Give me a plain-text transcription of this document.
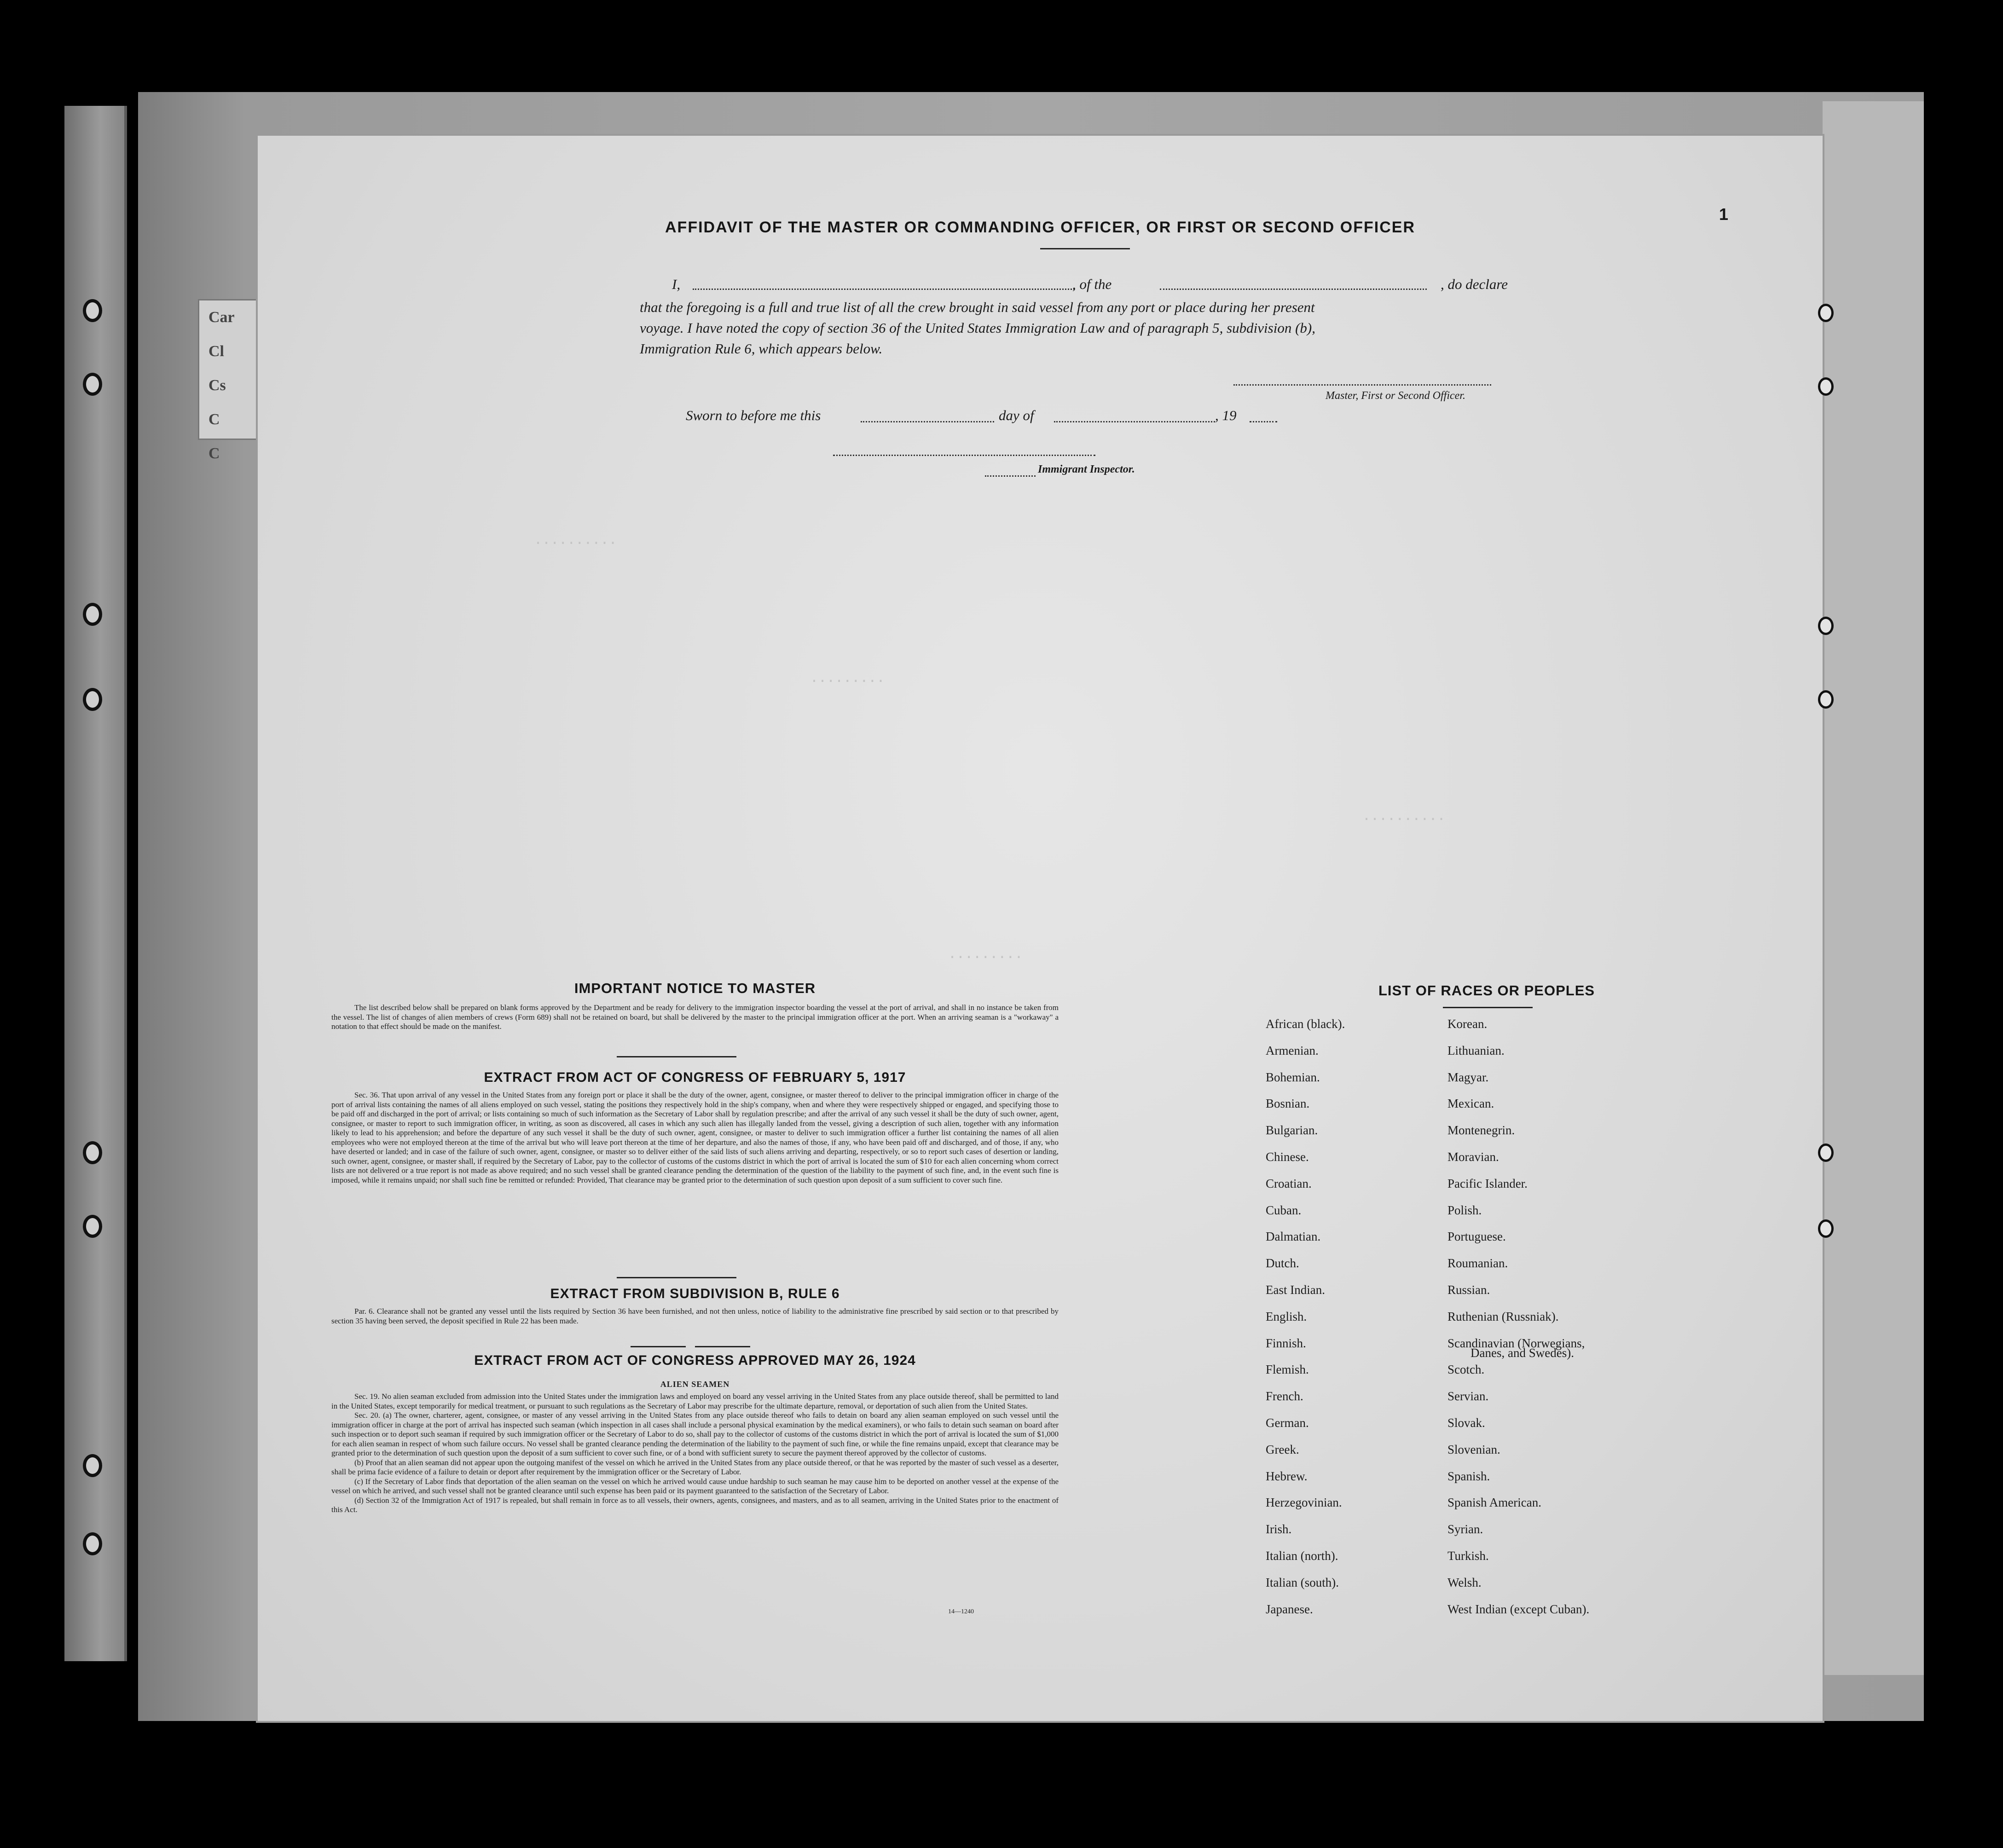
Car
Cl
Cs
C
C
1
AFFIDAVIT OF THE MASTER OR COMMANDING OFFICER, OR FIRST OR SECOND OFFICER
I,	, of the	, do declare
that the foregoing is a full and true list of all the crew brought in said vessel from any port or place during her present
voyage. I have noted the copy of section 36 of the United States Immigration Law and of paragraph 5, subdivision (b),
Immigration Rule 6, which appears below.
Master, First or Second Officer.
Sworn to before me this	day of	, 19
Immigrant Inspector.
..........
.........
..........
.........
IMPORTANT NOTICE TO MASTER
The list described below shall be prepared on blank forms approved by the Department and be ready for delivery to the immigration inspector boarding the vessel at the port of arrival, and shall in no instance be taken from the vessel. The list of changes of alien members of crews (Form 689) shall not be retained on board, but shall be delivered by the master to the principal immigration officer at the port. When an arriving seaman is a "workaway" a notation to that effect should be made on the manifest.
EXTRACT FROM ACT OF CONGRESS OF FEBRUARY 5, 1917
Sec. 36. That upon arrival of any vessel in the United States from any foreign port or place it shall be the duty of the owner, agent, consignee, or master thereof to deliver to the principal immigration officer in charge of the port of arrival lists containing the names of all aliens employed on such vessel, stating the positions they respectively hold in the ship's company, when and where they were respectively shipped or engaged, and specifying those to be paid off and discharged in the port of arrival; or lists containing so much of such information as the Secretary of Labor shall by regulation prescribe; and after the arrival of any such vessel it shall be the duty of such owner, agent, consignee, or master to report to such immigration officer, in writing, as soon as discovered, all cases in which any such alien has illegally landed from the vessel, giving a description of such alien, together with any information likely to lead to his apprehension; and before the departure of any such vessel it shall be the duty of such owner, agent, consignee, or master to deliver to such immigration officer a further list containing the names of all alien employees who were not employed thereon at the time of the arrival but who will leave port thereon at the time of her departure, and also the names of those, if any, who have been paid off and discharged, and of those, if any, who have deserted or landed; and in case of the failure of such owner, agent, consignee, or master so to deliver either of the said lists of such aliens arriving and departing, respectively, or so to report such cases of desertion or landing, such owner, agent, consignee, or master shall, if required by the Secretary of Labor, pay to the collector of customs of the customs district in which the port of arrival is located the sum of $10 for each alien concerning whom correct lists are not delivered or a true report is not made as above required; and no such vessel shall be granted clearance pending the determination of the question of the liability to the payment of such fine, and, in the event such fine is imposed, while it remains unpaid; nor shall such fine be remitted or refunded: Provided, That clearance may be granted prior to the determination of such question upon deposit of a sum sufficient to cover such fine.
EXTRACT FROM SUBDIVISION B, RULE 6
Par. 6. Clearance shall not be granted any vessel until the lists required by Section 36 have been furnished, and not then unless, notice of liability to the administrative fine prescribed by said section or to that prescribed by section 35 having been served, the deposit specified in Rule 22 has been made.
EXTRACT FROM ACT OF CONGRESS APPROVED MAY 26, 1924
ALIEN SEAMEN
Sec. 19. No alien seaman excluded from admission into the United States under the immigration laws and employed on board any vessel arriving in the United States from any place outside thereof, shall be permitted to land in the United States, except temporarily for medical treatment, or pursuant to such regulations as the Secretary of Labor may prescribe for the ultimate departure, removal, or deportation of such alien from the United States.
Sec. 20. (a) The owner, charterer, agent, consignee, or master of any vessel arriving in the United States from any place outside thereof who fails to detain on board any alien seaman employed on such vessel until the immigration officer in charge at the port of arrival has inspected such seaman (which inspection in all cases shall include a personal physical examination by the medical examiners), or who fails to detain such seaman on board after such inspection or to deport such seaman if required by such immigration officer or the Secretary of Labor to do so, shall pay to the collector of customs of the customs district in which the port of arrival is located the sum of $1,000 for each alien seaman in respect of whom such failure occurs. No vessel shall be granted clearance pending the determination of the liability to the payment of such fine, or while the fine remains unpaid, except that clearance may be granted prior to the determination of such question upon the deposit of a sum sufficient to cover such fine, or of a bond with sufficient surety to secure the payment thereof approved by the collector of customs.
(b) Proof that an alien seaman did not appear upon the outgoing manifest of the vessel on which he arrived in the United States from any place outside thereof, or that he was reported by the master of such vessel as a deserter, shall be prima facie evidence of a failure to detain or deport after requirement by the immigration officer or the Secretary of Labor.
(c) If the Secretary of Labor finds that deportation of the alien seaman on the vessel on which he arrived would cause undue hardship to such seaman he may cause him to be deported on another vessel at the expense of the vessel on which he arrived, and such vessel shall not be granted clearance until such expense has been paid or its payment guaranteed to the satisfaction of the Secretary of Labor.
(d) Section 32 of the Immigration Act of 1917 is repealed, but shall remain in force as to all vessels, their owners, agents, consignees, and masters, and as to all seamen, arriving in the United States prior to the enactment of this Act.
14—1240
LIST OF RACES OR PEOPLES
African (black).
Armenian.
Bohemian.
Bosnian.
Bulgarian.
Chinese.
Croatian.
Cuban.
Dalmatian.
Dutch.
East Indian.
English.
Finnish.
Flemish.
French.
German.
Greek.
Hebrew.
Herzegovinian.
Irish.
Italian (north).
Italian (south).
Japanese.
Korean.
Lithuanian.
Magyar.
Mexican.
Montenegrin.
Moravian.
Pacific Islander.
Polish.
Portuguese.
Roumanian.
Russian.
Ruthenian (Russniak).
Scandinavian (Norwegians,
Scotch.
Servian.
Slovak.
Slovenian.
Spanish.
Spanish American.
Syrian.
Turkish.
Welsh.
West Indian (except Cuban).
Danes, and Swedes).
